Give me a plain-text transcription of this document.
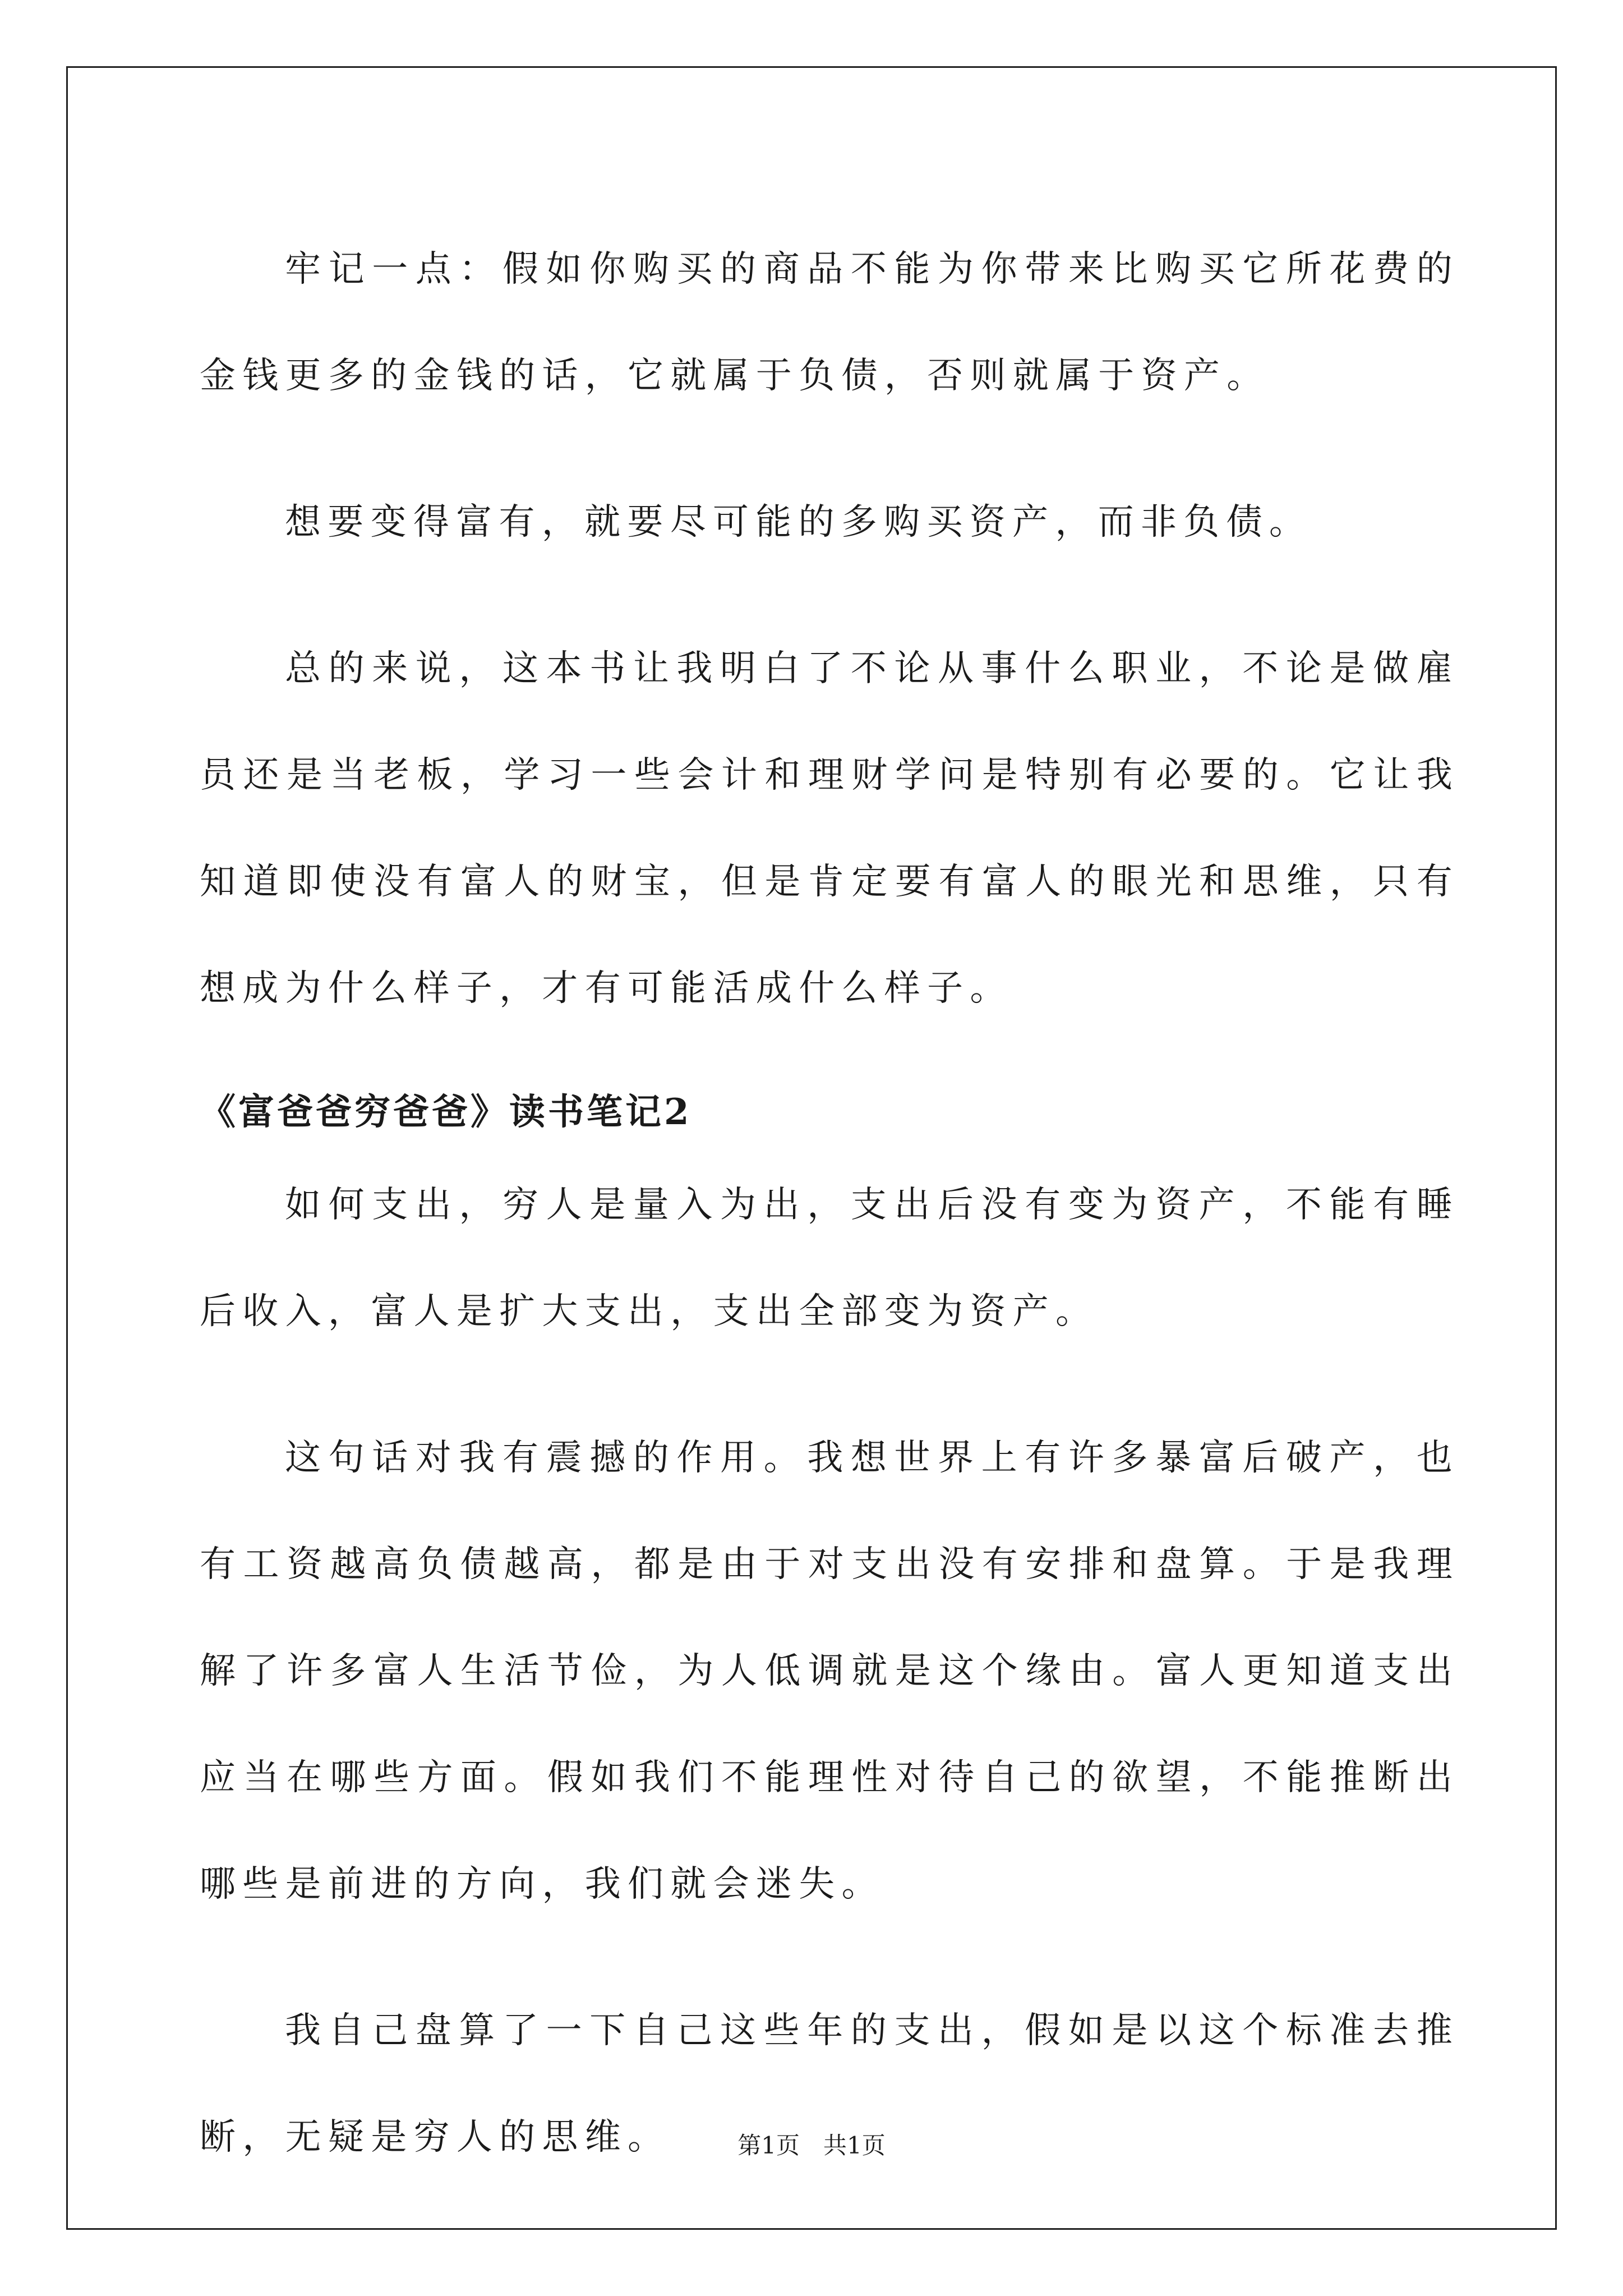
牢记一点：假如你购买的商品不能为你带来比购买它所花费的金钱更多的金钱的话，它就属于负债，否则就属于资产。

想要变得富有，就要尽可能的多购买资产，而非负债。

总的来说，这本书让我明白了不论从事什么职业，不论是做雇员还是当老板，学习一些会计和理财学问是特别有必要的。它让我知道即使没有富人的财宝，但是肯定要有富人的眼光和思维，只有想成为什么样子，才有可能活成什么样子。

《富爸爸穷爸爸》读书笔记2

如何支出，穷人是量入为出，支出后没有变为资产，不能有睡后收入，富人是扩大支出，支出全部变为资产。

这句话对我有震撼的作用。我想世界上有许多暴富后破产，也有工资越高负债越高，都是由于对支出没有安排和盘算。于是我理解了许多富人生活节俭，为人低调就是这个缘由。富人更知道支出应当在哪些方面。假如我们不能理性对待自己的欲望，不能推断出哪些是前进的方向，我们就会迷失。

我自己盘算了一下自己这些年的支出，假如是以这个标准去推断，无疑是穷人的思维。	第1页　共1页
